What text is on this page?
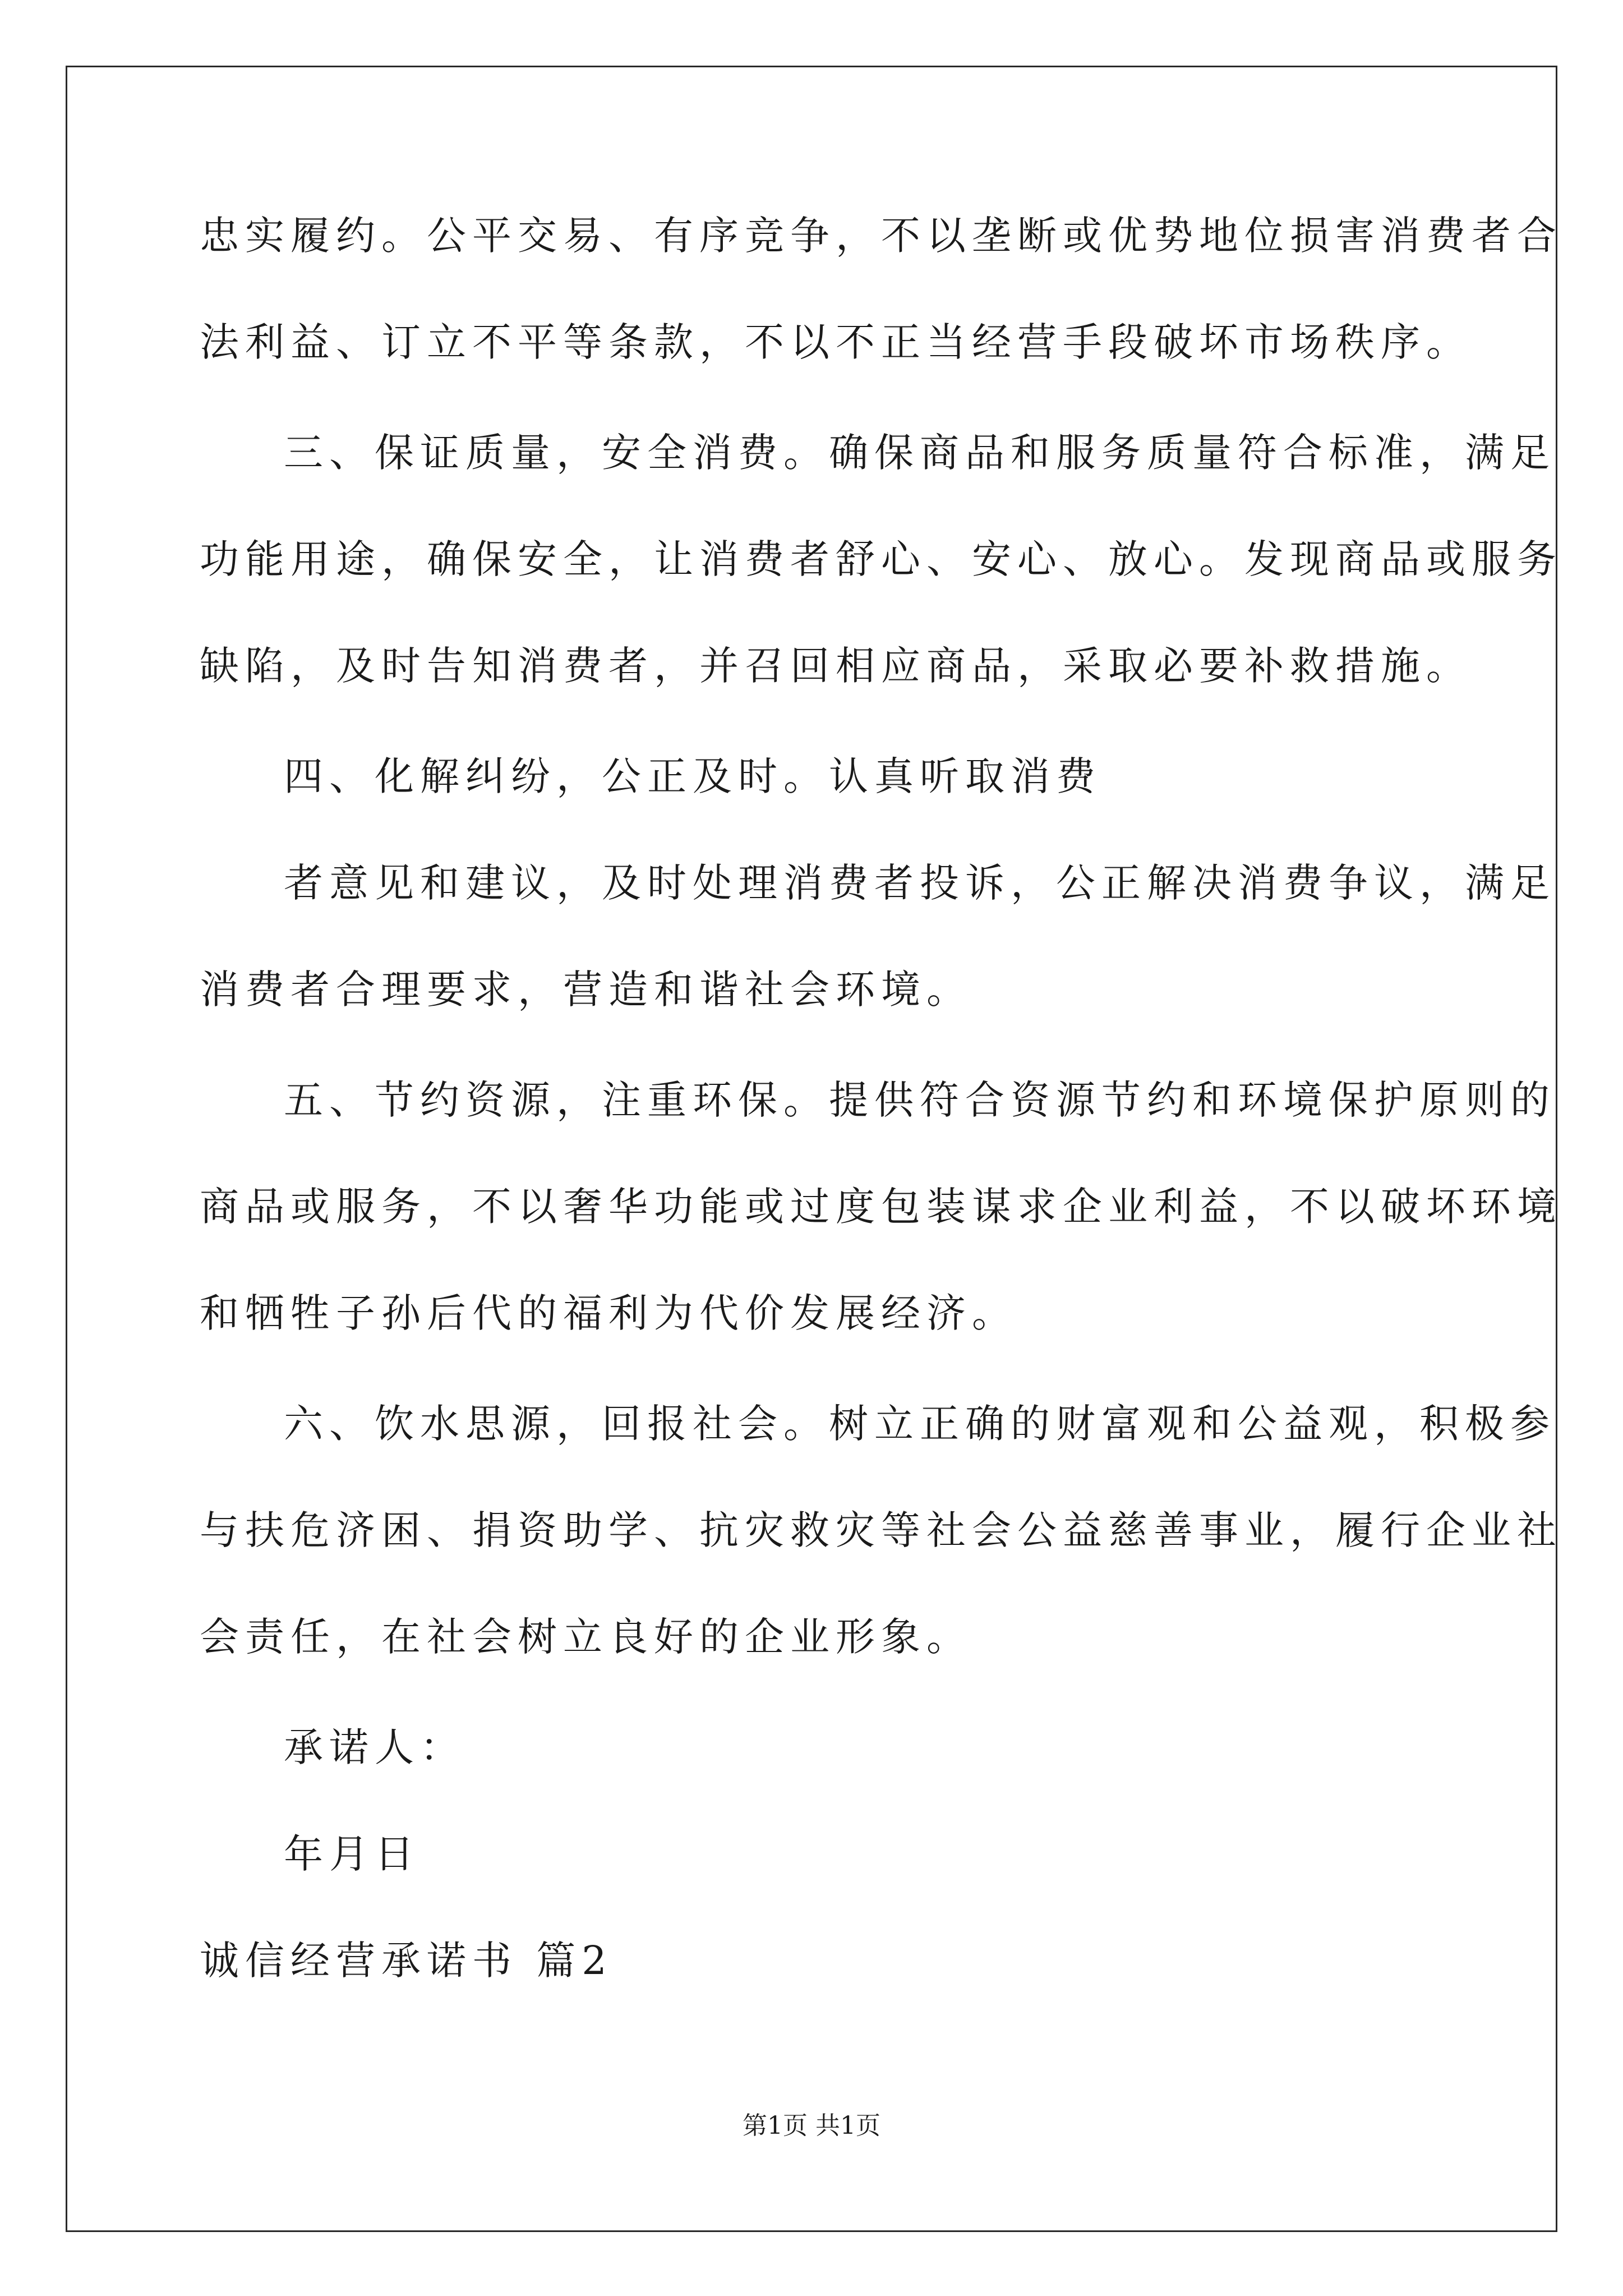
忠实履约。公平交易、有序竞争，不以垄断或优势地位损害消费者合
法利益、订立不平等条款，不以不正当经营手段破坏市场秩序。
三、保证质量，安全消费。确保商品和服务质量符合标准，满足
功能用途，确保安全，让消费者舒心、安心、放心。发现商品或服务
缺陷，及时告知消费者，并召回相应商品，采取必要补救措施。
四、化解纠纷，公正及时。认真听取消费
者意见和建议，及时处理消费者投诉，公正解决消费争议，满足
消费者合理要求，营造和谐社会环境。
五、节约资源，注重环保。提供符合资源节约和环境保护原则的
商品或服务，不以奢华功能或过度包装谋求企业利益，不以破坏环境
和牺牲子孙后代的福利为代价发展经济。
六、饮水思源，回报社会。树立正确的财富观和公益观，积极参
与扶危济困、捐资助学、抗灾救灾等社会公益慈善事业，履行企业社
会责任，在社会树立良好的企业形象。
承诺人：
年月日
诚信经营承诺书 篇2
第1页 共1页
